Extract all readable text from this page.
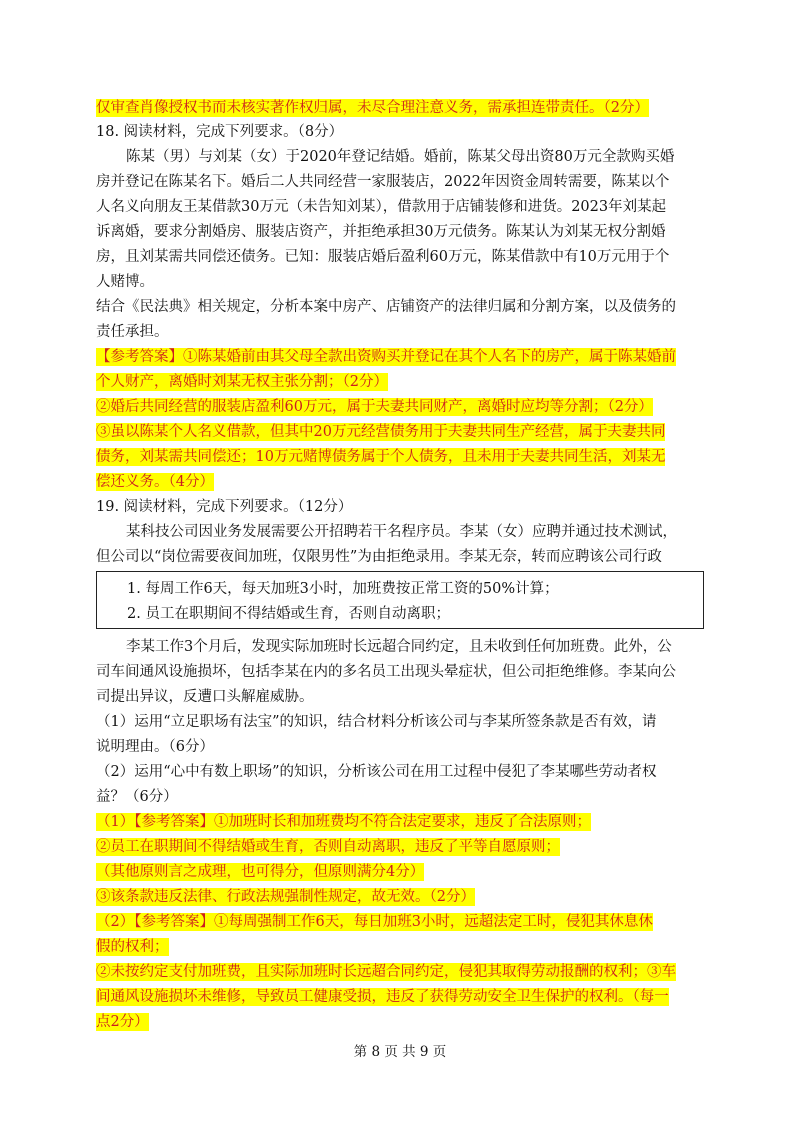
仅审查肖像授权书而未核实著作权归属，未尽合理注意义务，需承担连带责任。（2分）
18. 阅读材料，完成下列要求。（8分）
陈某（男）与刘某（女）于2020年登记结婚。婚前，陈某父母出资80万元全款购买婚
房并登记在陈某名下。婚后二人共同经营一家服装店，2022年因资金周转需要，陈某以个
人名义向朋友王某借款30万元（未告知刘某），借款用于店铺装修和进货。2023年刘某起
诉离婚，要求分割婚房、服装店资产，并拒绝承担30万元债务。陈某认为刘某无权分割婚
房，且刘某需共同偿还债务。已知：服装店婚后盈利60万元，陈某借款中有10万元用于个
人赌博。
结合《民法典》相关规定，分析本案中房产、店铺资产的法律归属和分割方案，以及债务的
责任承担。
【参考答案】①陈某婚前由其父母全款出资购买并登记在其个人名下的房产，属于陈某婚前
个人财产，离婚时刘某无权主张分割；（2分）
②婚后共同经营的服装店盈利60万元，属于夫妻共同财产，离婚时应均等分割；（2分）
③虽以陈某个人名义借款，但其中20万元经营债务用于夫妻共同生产经营，属于夫妻共同
债务，刘某需共同偿还；10万元赌博债务属于个人债务，且未用于夫妻共同生活，刘某无
偿还义务。（4分）
19. 阅读材料，完成下列要求。（12分）
某科技公司因业务发展需要公开招聘若干名程序员。李某（女）应聘并通过技术测试，
但公司以“岗位需要夜间加班，仅限男性”为由拒绝录用。李某无奈，转而应聘该公司行政
1. 每周工作6天，每天加班3小时，加班费按正常工资的50%计算；
2. 员工在职期间不得结婚或生育，否则自动离职；
李某工作3个月后，发现实际加班时长远超合同约定，且未收到任何加班费。此外，公
司车间通风设施损坏，包括李某在内的多名员工出现头晕症状，但公司拒绝维修。李某向公
司提出异议，反遭口头解雇威胁。
（1）运用“立足职场有法宝”的知识，结合材料分析该公司与李某所签条款是否有效，请
说明理由。（6分）
（2）运用“心中有数上职场”的知识，分析该公司在用工过程中侵犯了李某哪些劳动者权
益？（6分）
（1）【参考答案】①加班时长和加班费均不符合法定要求，违反了合法原则；
②员工在职期间不得结婚或生育，否则自动离职，违反了平等自愿原则；
（其他原则言之成理，也可得分，但原则满分4分）
③该条款违反法律、行政法规强制性规定，故无效。（2分）
（2）【参考答案】①每周强制工作6天，每日加班3小时，远超法定工时，侵犯其休息休
假的权利；
②未按约定支付加班费，且实际加班时长远超合同约定，侵犯其取得劳动报酬的权利；③车
间通风设施损坏未维修，导致员工健康受损，违反了获得劳动安全卫生保护的权利。（每一
点2分）
第 8 页 共 9 页
